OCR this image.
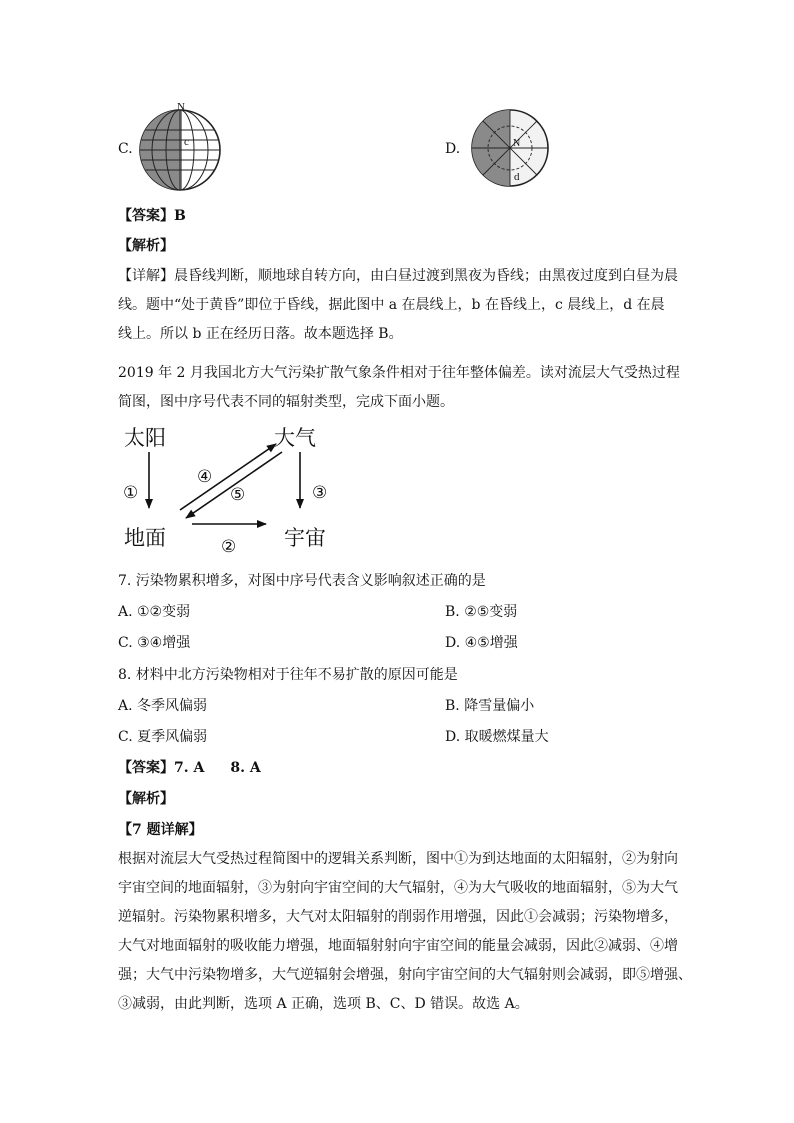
C.
N
c	D.	N
d
【答案】B
【解析】
【详解】晨昏线判断，顺地球自转方向，由白昼过渡到黑夜为昏线；由黑夜过度到白昼为晨
线。题中“处于黄昏”即位于昏线，据此图中 a 在晨线上，b 在昏线上，c 晨线上，d 在晨
线上。所以 b 正在经历日落。故本题选择 B。
2019 年 2 月我国北方大气污染扩散气象条件相对于往年整体偏差。读对流层大气受热过程
简图，图中序号代表不同的辐射类型，完成下面小题。
太阳	大气
地面	宇宙
①
②
③
④
⑤
7. 污染物累积增多，对图中序号代表含义影响叙述正确的是
A. ①②变弱	B. ②⑤变弱
C. ③④增强	D. ④⑤增强
8. 材料中北方污染物相对于往年不易扩散的原因可能是
A. 冬季风偏弱	B. 降雪量偏小
C. 夏季风偏弱	D. 取暖燃煤量大
【答案】7. A 8. A
【解析】
【7 题详解】
根据对流层大气受热过程简图中的逻辑关系判断，图中①为到达地面的太阳辐射，②为射向
宇宙空间的地面辐射，③为射向宇宙空间的大气辐射，④为大气吸收的地面辐射，⑤为大气
逆辐射。污染物累积增多，大气对太阳辐射的削弱作用增强，因此①会减弱；污染物增多，
大气对地面辐射的吸收能力增强，地面辐射射向宇宙空间的能量会减弱，因此②减弱、④增
强；大气中污染物增多，大气逆辐射会增强，射向宇宙空间的大气辐射则会减弱，即⑤增强、
③减弱，由此判断，选项 A 正确，选项 B、C、D 错误。故选 A。
